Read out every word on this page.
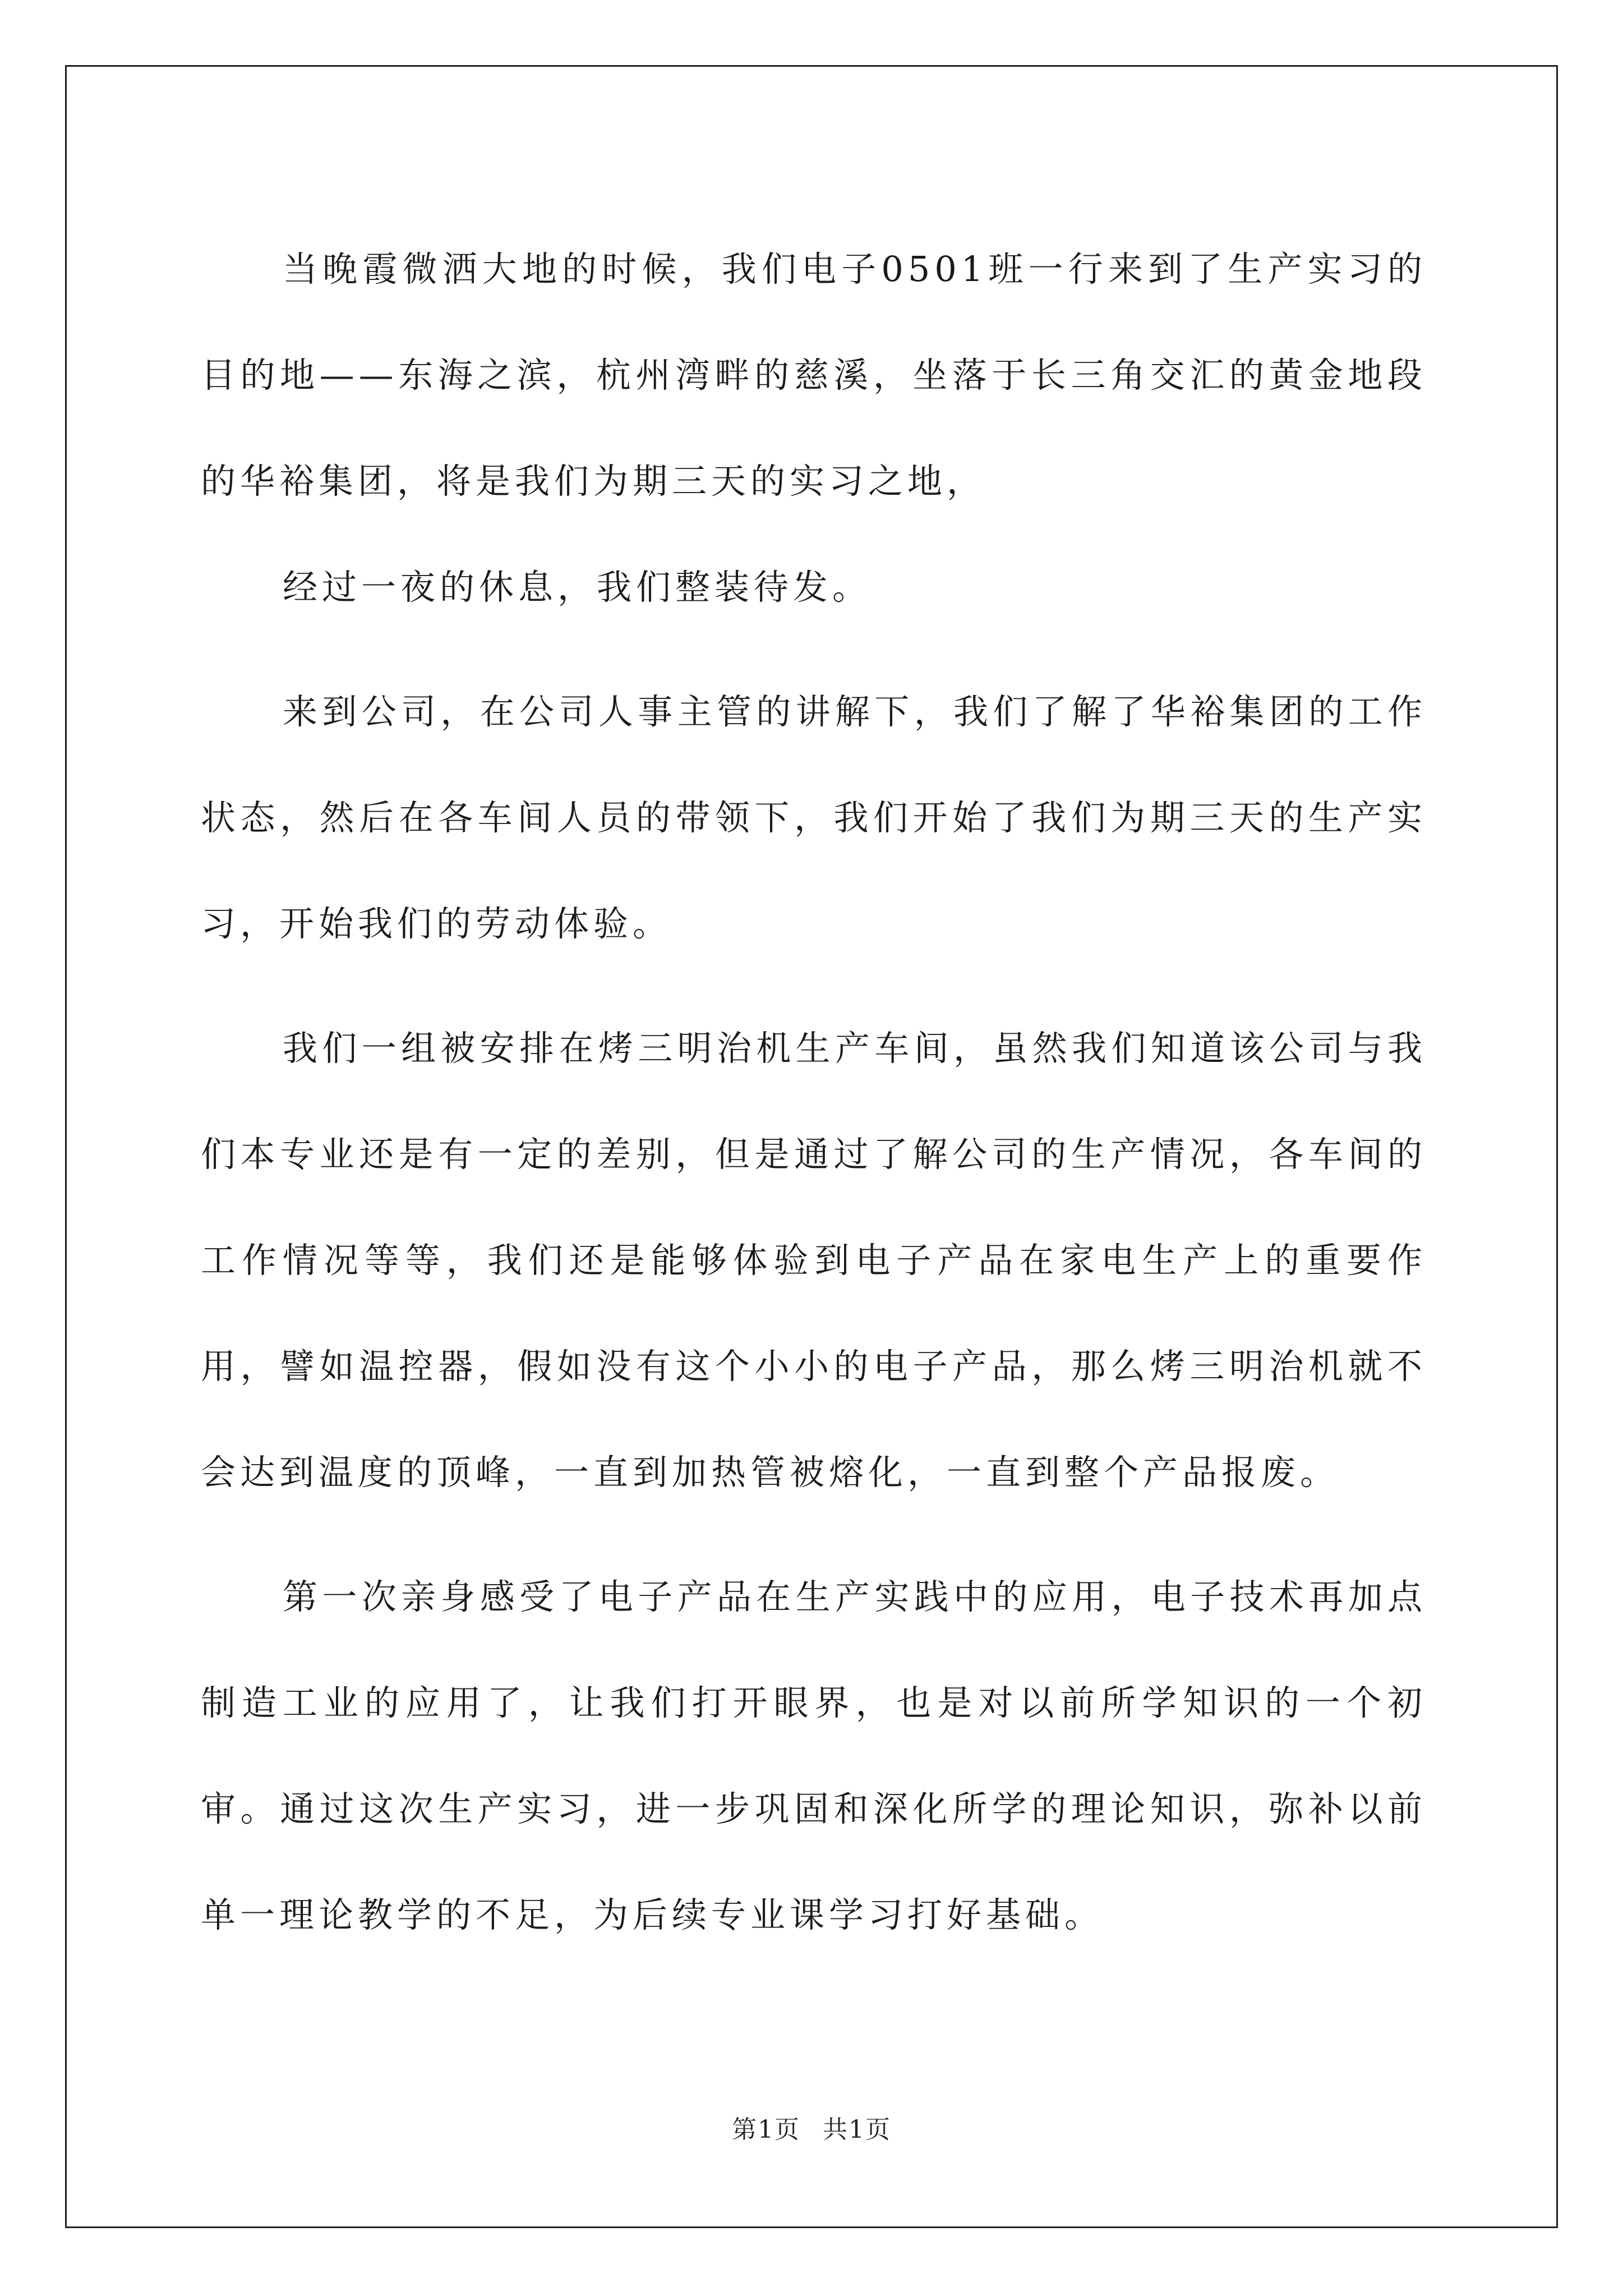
当晚霞微洒大地的时候，我们电子0501班一行来到了生产实习的目的地——东海之滨，杭州湾畔的慈溪，坐落于长三角交汇的黄金地段的华裕集团，将是我们为期三天的实习之地，

经过一夜的休息，我们整装待发。

来到公司，在公司人事主管的讲解下，我们了解了华裕集团的工作状态，然后在各车间人员的带领下，我们开始了我们为期三天的生产实习，开始我们的劳动体验。

我们一组被安排在烤三明治机生产车间，虽然我们知道该公司与我们本专业还是有一定的差别，但是通过了解公司的生产情况，各车间的工作情况等等，我们还是能够体验到电子产品在家电生产上的重要作用，譬如温控器，假如没有这个小小的电子产品，那么烤三明治机就不会达到温度的顶峰，一直到加热管被熔化，一直到整个产品报废。

第一次亲身感受了电子产品在生产实践中的应用，电子技术再加点制造工业的应用了，让我们打开眼界，也是对以前所学知识的一个初审。通过这次生产实习，进一步巩固和深化所学的理论知识，弥补以前单一理论教学的不足，为后续专业课学习打好基础。

第1页 共1页
